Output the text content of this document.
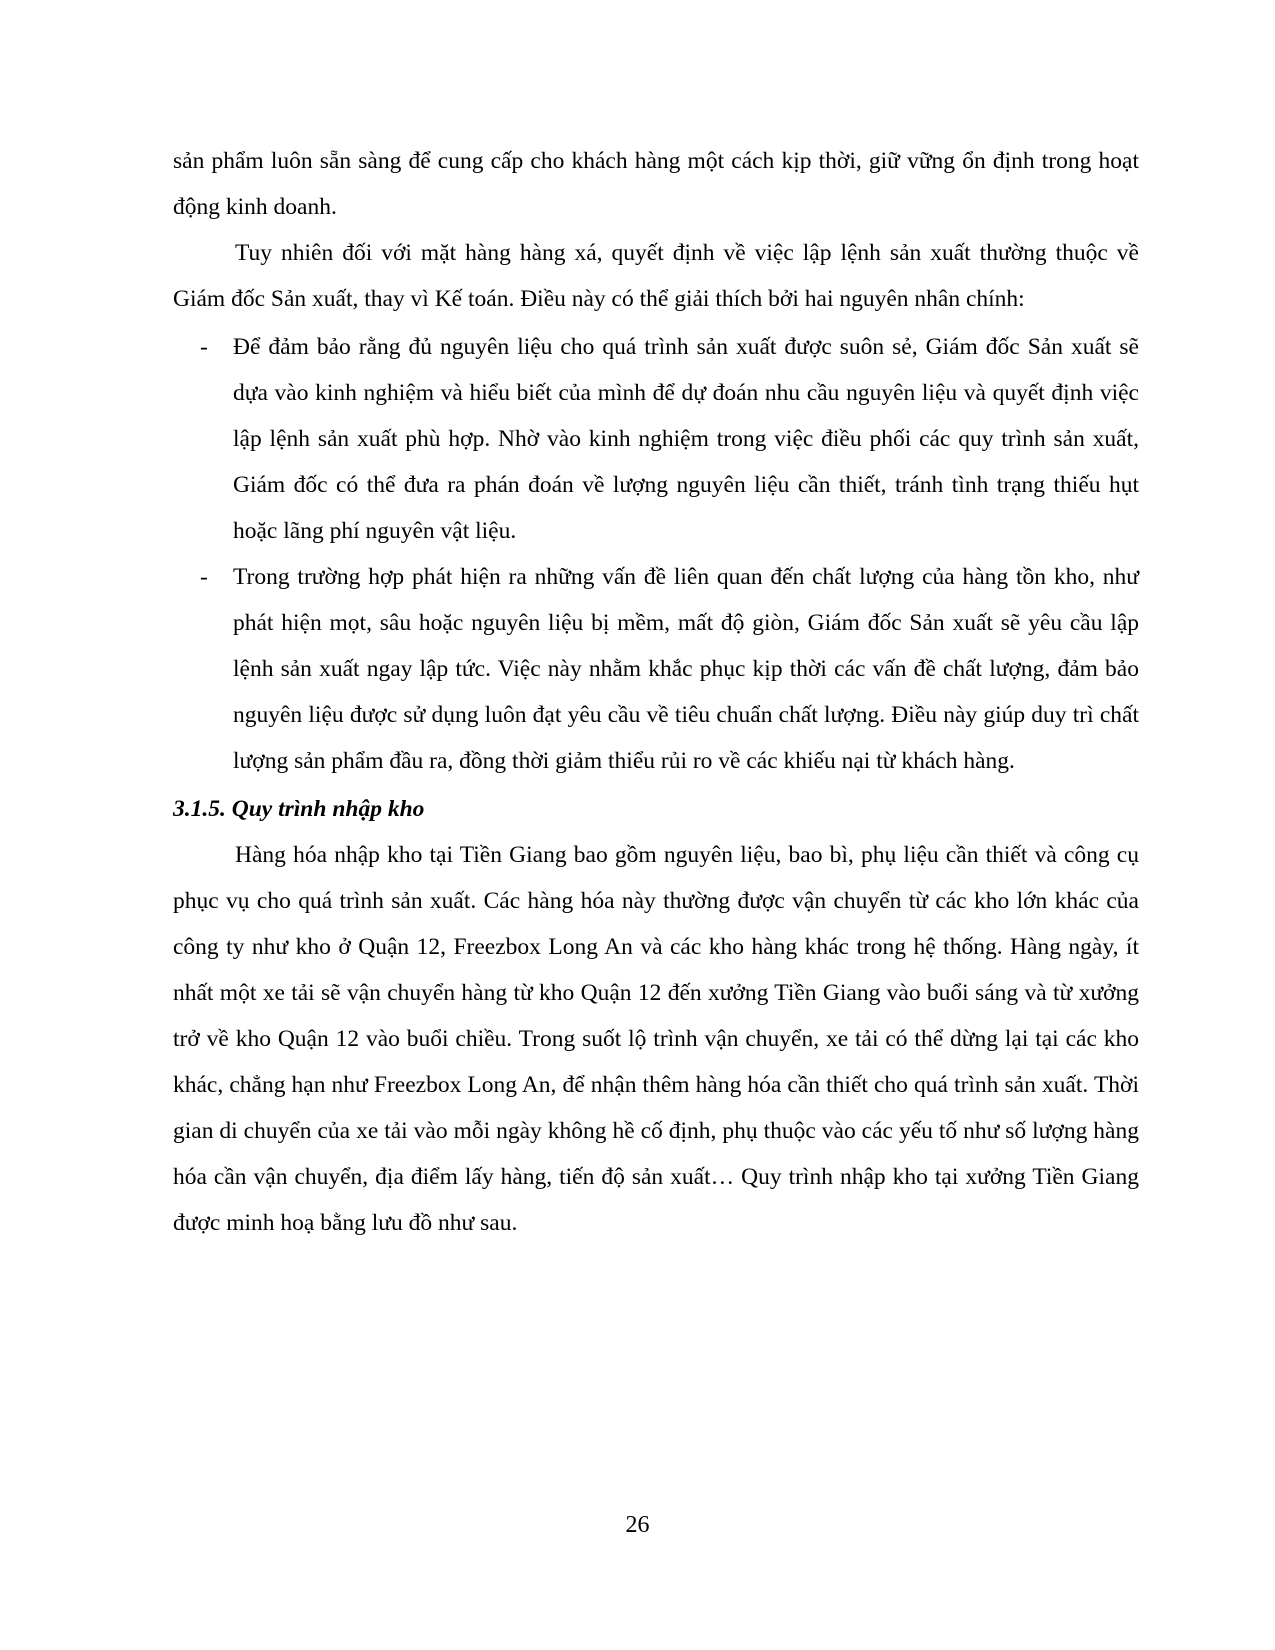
sản phẩm luôn sẵn sàng để cung cấp cho khách hàng một cách kịp thời, giữ vững ổn định trong hoạt động kinh doanh.

Tuy nhiên đối với mặt hàng hàng xá, quyết định về việc lập lệnh sản xuất thường thuộc về Giám đốc Sản xuất, thay vì Kế toán. Điều này có thể giải thích bởi hai nguyên nhân chính:

- Để đảm bảo rằng đủ nguyên liệu cho quá trình sản xuất được suôn sẻ, Giám đốc Sản xuất sẽ dựa vào kinh nghiệm và hiểu biết của mình để dự đoán nhu cầu nguyên liệu và quyết định việc lập lệnh sản xuất phù hợp. Nhờ vào kinh nghiệm trong việc điều phối các quy trình sản xuất, Giám đốc có thể đưa ra phán đoán về lượng nguyên liệu cần thiết, tránh tình trạng thiếu hụt hoặc lãng phí nguyên vật liệu.
- Trong trường hợp phát hiện ra những vấn đề liên quan đến chất lượng của hàng tồn kho, như phát hiện mọt, sâu hoặc nguyên liệu bị mềm, mất độ giòn, Giám đốc Sản xuất sẽ yêu cầu lập lệnh sản xuất ngay lập tức. Việc này nhằm khắc phục kịp thời các vấn đề chất lượng, đảm bảo nguyên liệu được sử dụng luôn đạt yêu cầu về tiêu chuẩn chất lượng. Điều này giúp duy trì chất lượng sản phẩm đầu ra, đồng thời giảm thiểu rủi ro về các khiếu nại từ khách hàng.
3.1.5. Quy trình nhập kho

Hàng hóa nhập kho tại Tiền Giang bao gồm nguyên liệu, bao bì, phụ liệu cần thiết và công cụ phục vụ cho quá trình sản xuất. Các hàng hóa này thường được vận chuyển từ các kho lớn khác của công ty như kho ở Quận 12, Freezbox Long An và các kho hàng khác trong hệ thống. Hàng ngày, ít nhất một xe tải sẽ vận chuyển hàng từ kho Quận 12 đến xưởng Tiền Giang vào buổi sáng và từ xưởng trở về kho Quận 12 vào buổi chiều. Trong suốt lộ trình vận chuyển, xe tải có thể dừng lại tại các kho khác, chẳng hạn như Freezbox Long An, để nhận thêm hàng hóa cần thiết cho quá trình sản xuất. Thời gian di chuyển của xe tải vào mỗi ngày không hề cố định, phụ thuộc vào các yếu tố như số lượng hàng hóa cần vận chuyển, địa điểm lấy hàng, tiến độ sản xuất… Quy trình nhập kho tại xưởng Tiền Giang được minh hoạ bằng lưu đồ như sau.

26
